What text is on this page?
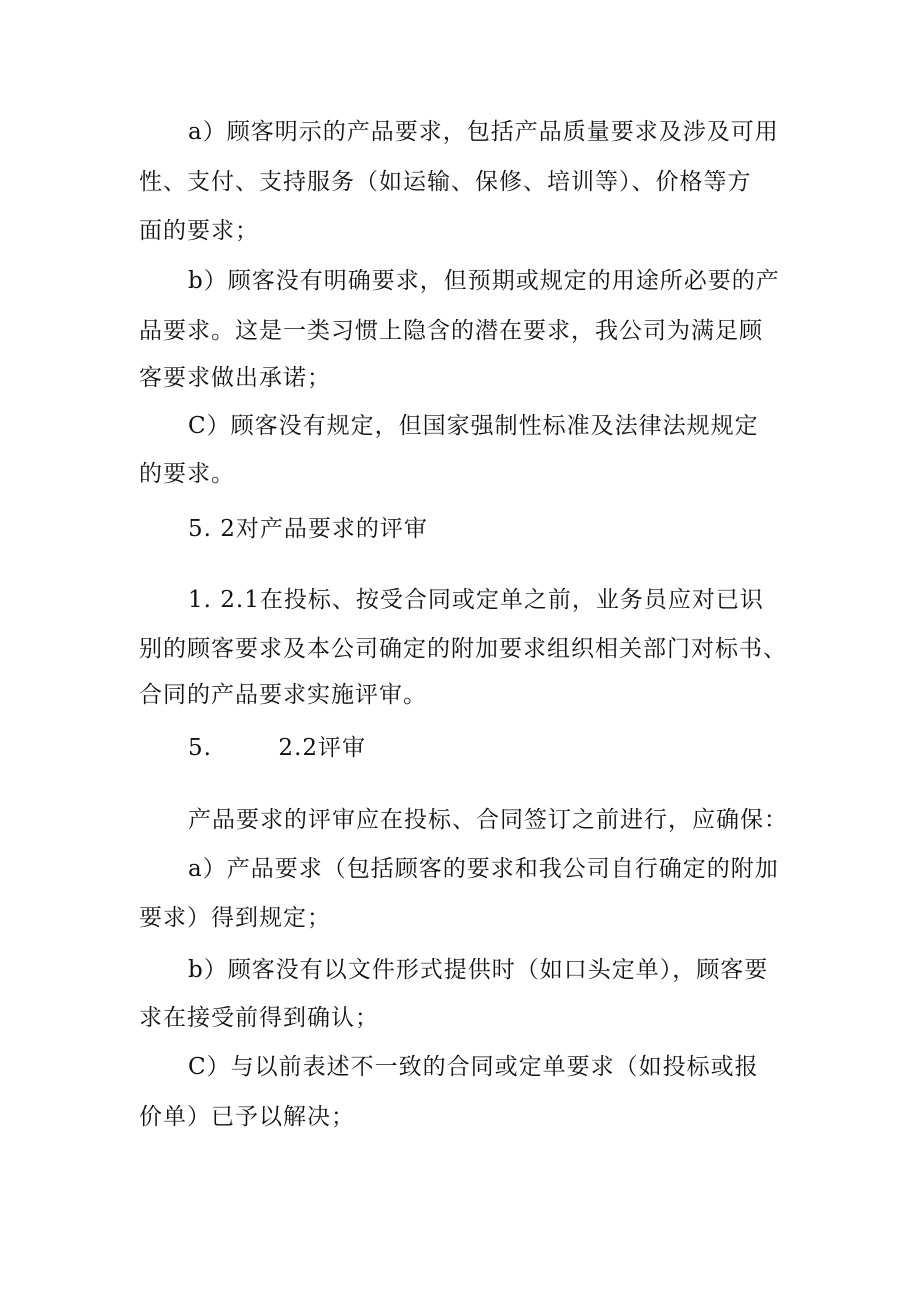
a）顾客明示的产品要求，包括产品质量要求及涉及可用
性、支付、支持服务（如运输、保修、培训等）、价格等方
面的要求；
b）顾客没有明确要求，但预期或规定的用途所必要的产
品要求。这是一类习惯上隐含的潜在要求，我公司为满足顾
客要求做出承诺；
C）顾客没有规定，但国家强制性标准及法律法规规定
的要求。
5. 2对产品要求的评审
1. 2.1在投标、按受合同或定单之前，业务员应对已识
别的顾客要求及本公司确定的附加要求组织相关部门对标书、
合同的产品要求实施评审。
5.        2.2评审
产品要求的评审应在投标、合同签订之前进行，应确保：
a）产品要求（包括顾客的要求和我公司自行确定的附加
要求）得到规定；
b）顾客没有以文件形式提供时（如口头定单），顾客要
求在接受前得到确认；
C）与以前表述不一致的合同或定单要求（如投标或报
价单）已予以解决；
